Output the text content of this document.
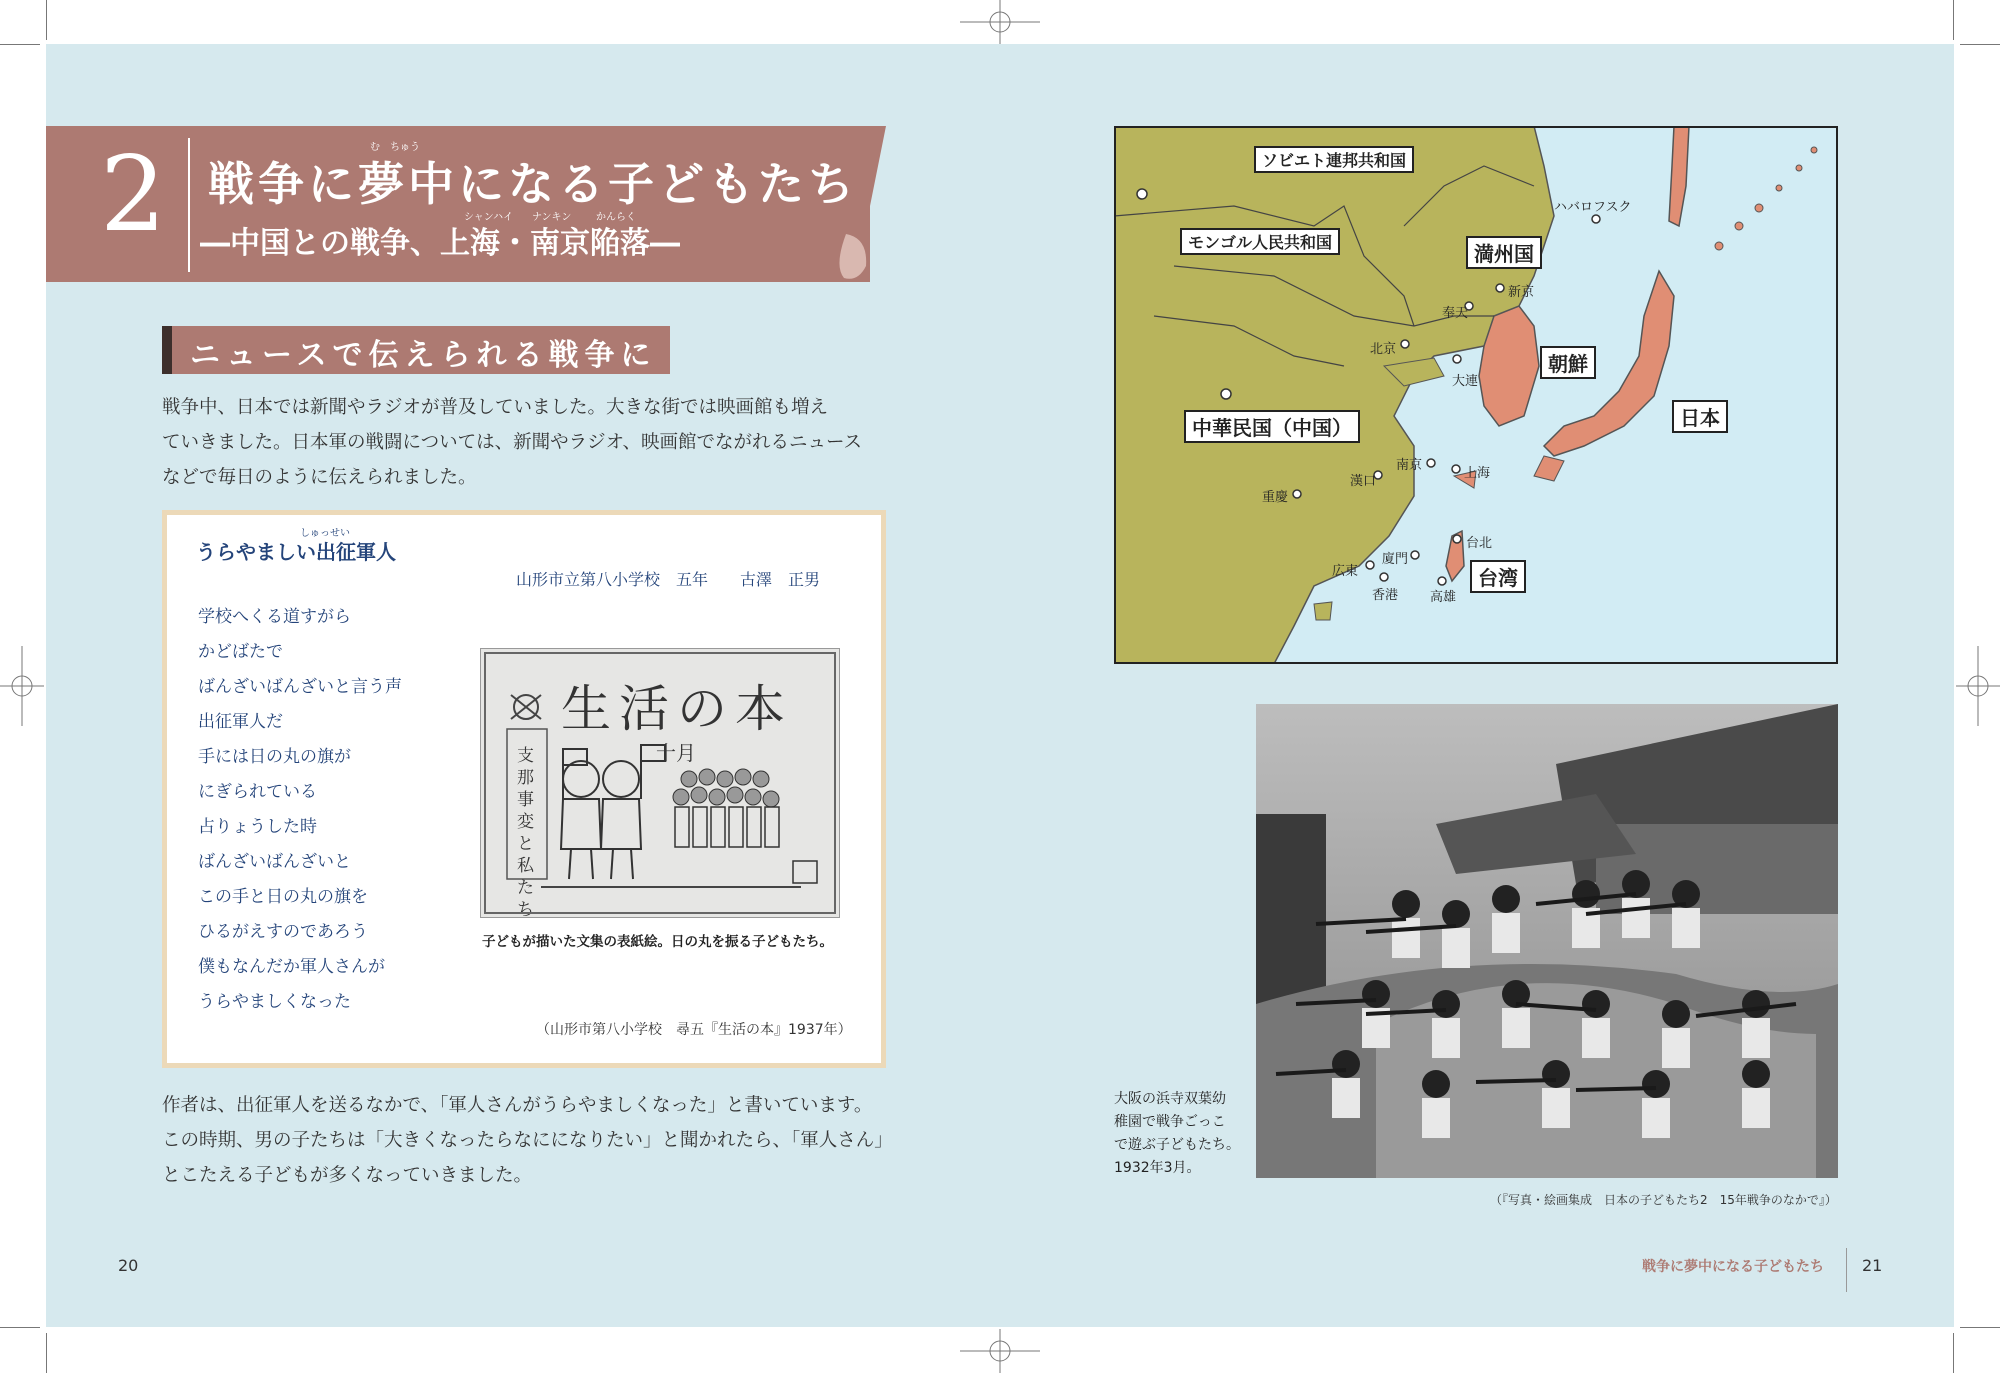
2	む　ちゅう
戦争に夢中になる子どもたち
シャンハイ ナンキン かんらく
―中国との戦争、上海・南京陥落―
ニュースで伝えられる戦争に
戦争中、日本では新聞やラジオが普及していました。大きな街では映画館も増え
ていきました。日本軍の戦闘については、新聞やラジオ、映画館でながれるニュース
などで毎日のように伝えられました。
しゅっせい
うらやましい出征軍人
山形市立第八小学校　五年　　古澤　正男
学校へくる道すがら
かどばたで
ばんざいばんざいと言う声
出征軍人だ
手には日の丸の旗が
にぎられている
占りょうした時
ばんざいばんざいと
この手と日の丸の旗を
ひるがえすのであろう
僕もなんだか軍人さんが
うらやましくなった
生活の本
十月
支那事変と私たち
子どもが描いた文集の表紙絵。日の丸を振る子どもたち。
（山形市第八小学校　尋五『生活の本』1937年）
作者は、出征軍人を送るなかで、「軍人さんがうらやましくなった」と書いています。
この時期、男の子たちは「大きくなったらなにになりたい」と聞かれたら、「軍人さん」
とこたえる子どもが多くなっていきました。
ソビエト連邦共和国
モンゴル人民共和国	満州国
朝鮮
日本
中華民国（中国）
台湾
ハバロフスク
新京
奉天
北京
大連
南京
上海
漢口
重慶
台北
廈門
広東
香港 高雄
大阪の浜寺双葉幼
稚園で戦争ごっこ
で遊ぶ子どもたち。
1932年3月。
（『写真・絵画集成　日本の子どもたち2　15年戦争のなかで』）
20	戦争に夢中になる子どもたち 21
